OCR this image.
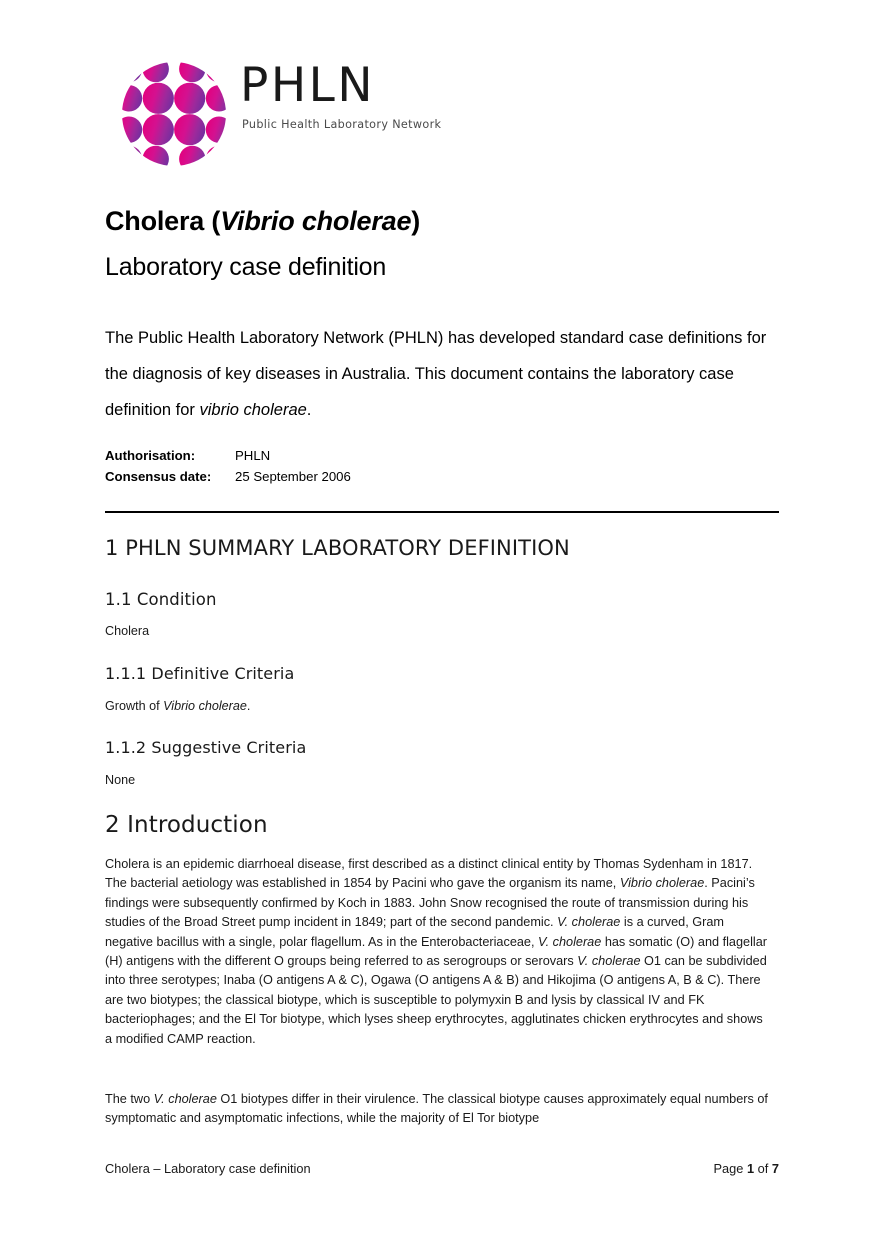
PHLN
Public Health Laboratory Network
Cholera (Vibrio cholerae)
Laboratory case definition

The Public Health Laboratory Network (PHLN) has developed standard case definitions for the diagnosis of key diseases in Australia. This document contains the laboratory case definition for vibrio cholerae.

Authorisation:	PHLN
Consensus date:	25 September 2006
1 PHLN SUMMARY LABORATORY DEFINITION
1.1 Condition

Cholera

1.1.1 Definitive Criteria

Growth of Vibrio cholerae.

1.1.2 Suggestive Criteria

None

2 Introduction

Cholera is an epidemic diarrhoeal disease, first described as a distinct clinical entity by Thomas Sydenham in 1817. The bacterial aetiology was established in 1854 by Pacini who gave the organism its name, Vibrio cholerae. Pacini’s findings were subsequently confirmed by Koch in 1883. John Snow recognised the route of transmission during his studies of the Broad Street pump incident in 1849; part of the second pandemic. V. cholerae is a curved, Gram negative bacillus with a single, polar flagellum. As in the Enterobacteriaceae, V. cholerae has somatic (O) and flagellar (H) antigens with the different O groups being referred to as serogroups or serovars V. cholerae O1 can be subdivided into three serotypes; Inaba (O antigens A & C), Ogawa (O antigens A & B) and Hikojima (O antigens A, B & C). There are two biotypes; the classical biotype, which is susceptible to polymyxin B and lysis by classical IV and FK bacteriophages; and the El Tor biotype, which lyses sheep erythrocytes, agglutinates chicken erythrocytes and shows a modified CAMP reaction.

The two V. cholerae O1 biotypes differ in their virulence. The classical biotype causes approximately equal numbers of symptomatic and asymptomatic infections, while the majority of El Tor biotype

Cholera – Laboratory case definition	Page 1 of 7
